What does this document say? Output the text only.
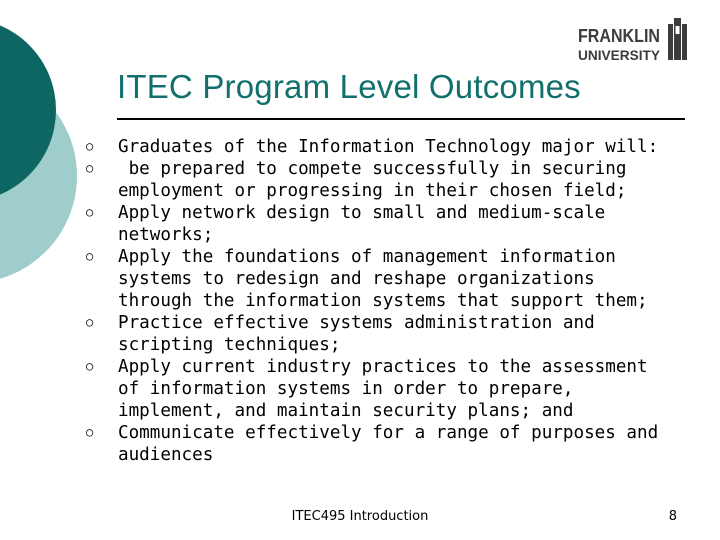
FRANKLIN
UNIVERSITY
ITEC Program Level Outcomes
○ Graduates of the Information Technology major will:
○ be prepared to compete successfully in securing employment or progressing in their chosen field;
○ Apply network design to small and medium-scale networks;
○ Apply the foundations of management information systems to redesign and reshape organizations through the information systems that support them;
○ Practice effective systems administration and scripting techniques;
○ Apply current industry practices to the assessment of information systems in order to prepare, implement, and maintain security plans; and
○ Communicate effectively for a range of purposes and audiences
ITEC495 Introduction	8
